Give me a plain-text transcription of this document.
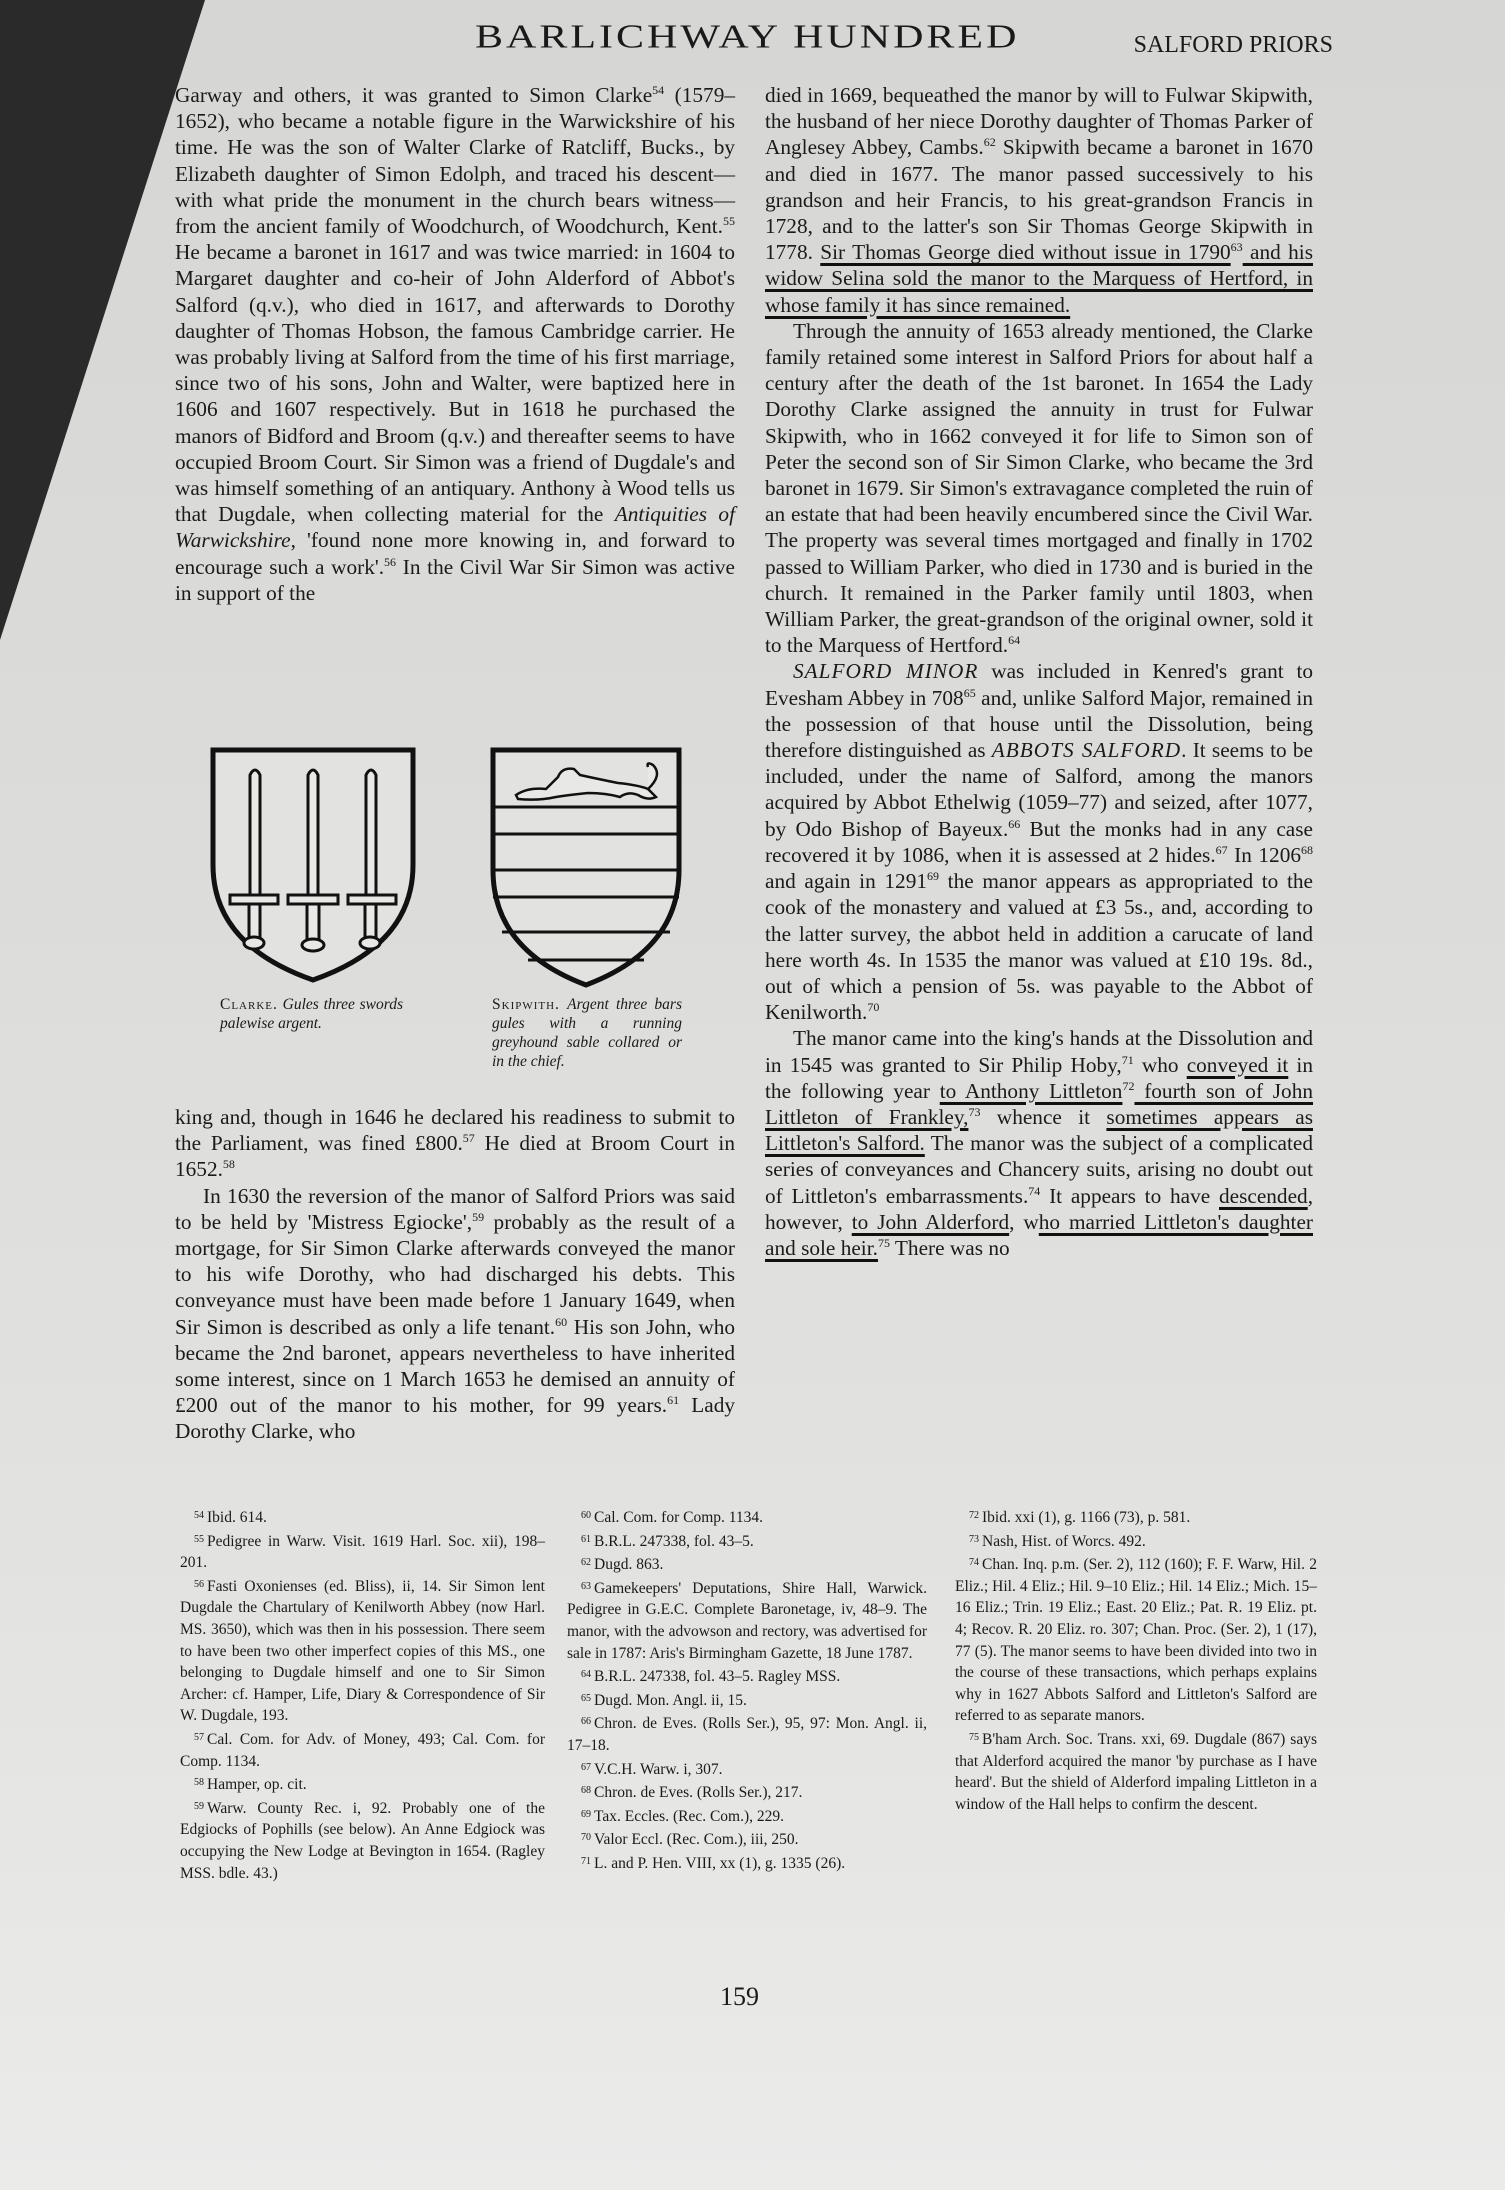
BARLICHWAY HUNDRED	SALFORD PRIORS

Garway and others, it was granted to Simon Clarke$^{54}$ (1579–1652), who became a notable figure in the Warwickshire of his time. He was the son of Walter Clarke of Ratcliff, Bucks., by Elizabeth daughter of Simon Edolph, and traced his descent—with what pride the monument in the church bears witness—from the ancient family of Woodchurch, of Woodchurch, Kent.$^{55}$ He became a baronet in 1617 and was twice married: in 1604 to Margaret daughter and co-heir of John Alderford of Abbot's Salford (q.v.), who died in 1617, and afterwards to Dorothy daughter of Thomas Hobson, the famous Cambridge carrier. He was probably living at Salford from the time of his first marriage, since two of his sons, John and Walter, were baptized here in 1606 and 1607 respectively. But in 1618 he purchased the manors of Bidford and Broom (q.v.) and thereafter seems to have occupied Broom Court. Sir Simon was a friend of Dugdale's and was himself something of an antiquary. Anthony à Wood tells us that Dugdale, when collecting material for the Antiquities of Warwickshire, 'found none more knowing in, and forward to encourage such a work'.$^{56}$ In the Civil War Sir Simon was active in support of the

Clarke. Gules three swords palewise argent.
Skipwith. Argent three bars gules with a running greyhound sable collared or in the chief.

king and, though in 1646 he declared his readiness to submit to the Parliament, was fined £800.57 He died at Broom Court in 1652.58

In 1630 the reversion of the manor of Salford Priors was said to be held by 'Mistress Egiocke',$^{59}$ probably as the result of a mortgage, for Sir Simon Clarke afterwards conveyed the manor to his wife Dorothy, who had discharged his debts. This conveyance must have been made before 1 January 1649, when Sir Simon is described as only a life tenant.$^{60}$ His son John, who became the 2nd baronet, appears nevertheless to have inherited some interest, since on 1 March 1653 he demised an annuity of £200 out of the manor to his mother, for 99 years.$^{61}$ Lady Dorothy Clarke, who

died in 1669, bequeathed the manor by will to Fulwar Skipwith, the husband of her niece Dorothy daughter of Thomas Parker of Anglesey Abbey, Cambs.$^{62}$ Skipwith became a baronet in 1670 and died in 1677. The manor passed successively to his grandson and heir Francis, to his great-grandson Francis in 1728, and to the latter's son Sir Thomas George Skipwith in 1778. Sir Thomas George died without issue in 1790$^{63}$ and his widow Selina sold the manor to the Marquess of Hertford, in whose family it has since remained.

Through the annuity of 1653 already mentioned, the Clarke family retained some interest in Salford Priors for about half a century after the death of the 1st baronet. In 1654 the Lady Dorothy Clarke assigned the annuity in trust for Fulwar Skipwith, who in 1662 conveyed it for life to Simon son of Peter the second son of Sir Simon Clarke, who became the 3rd baronet in 1679. Sir Simon's extravagance completed the ruin of an estate that had been heavily encumbered since the Civil War. The property was several times mortgaged and finally in 1702 passed to William Parker, who died in 1730 and is buried in the church. It remained in the Parker family until 1803, when William Parker, the great-grandson of the original owner, sold it to the Marquess of Hertford.$^{64}$

SALFORD MINOR was included in Kenred's grant to Evesham Abbey in $708^{65}$ and, unlike Salford Major, remained in the possession of that house until the Dissolution, being therefore distinguished as ABBOTS SALFORD. It seems to be included, under the name of Salford, among the manors acquired by Abbot Ethelwig (1059–77) and seized, after 1077, by Odo Bishop of Bayeux.$^{66}$ But the monks had in any case recovered it by 1086, when it is assessed at 2 hides.$^{67}$ In 1206$^{68}$ and again in 1291$^{69}$ the manor appears as appropriated to the cook of the monastery and valued at £3 5s., and, according to the latter survey, the abbot held in addition a carucate of land here worth 4s. In 1535 the manor was valued at £10 19s. 8d., out of which a pension of 5s. was payable to the Abbot of Kenilworth.$^{70}$

The manor came into the king's hands at the Dissolution and in 1545 was granted to Sir Philip Hoby,$^{71}$ who conveyed it in the following year to Anthony Littleton$^{72}$ fourth son of John Littleton of Frankley,$^{73}$ whence it sometimes appears as Littleton's Salford. The manor was the subject of a complicated series of conveyances and Chancery suits, arising no doubt out of Littleton's embarrassments.$^{74}$ It appears to have descended, however, to John Alderford, who married Littleton's daughter and sole heir.$^{75}$ There was no

$^{54}$ Ibid. 614.

$^{55}$ Pedigree in Warw. Visit. 1619 Harl. Soc. xii), 198–201.

$^{56}$ Fasti Oxonienses (ed. Bliss), ii, 14. Sir Simon lent Dugdale the Chartulary of Kenilworth Abbey (now Harl. MS. 3650), which was then in his possession. There seem to have been two other imperfect copies of this MS., one belonging to Dugdale himself and one to Sir Simon Archer: cf. Hamper, Life, Diary & Correspondence of Sir W. Dugdale, 193.

$^{57}$ Cal. Com. for Adv. of Money, 493; Cal. Com. for Comp. 1134.

$^{58}$ Hamper, op. cit.

$^{59}$ Warw. County Rec. i, 92. Probably one of the Edgiocks of Pophills (see below). An Anne Edgiock was occupying the New Lodge at Bevington in 1654. (Ragley MSS. bdle. 43.)

$^{60}$ Cal. Com. for Comp. 1134.

$^{61}$ B.R.L. 247338, fol. 43–5.

$^{62}$ Dugd. 863.

$^{63}$ Gamekeepers' Deputations, Shire Hall, Warwick. Pedigree in G.E.C. Complete Baronetage, iv, 48–9. The manor, with the advowson and rectory, was advertised for sale in 1787: Aris's Birmingham Gazette, 18 June 1787.

$^{64}$ B.R.L. 247338, fol. 43–5. Ragley MSS.

$^{65}$ Dugd. Mon. Angl. ii, 15.

$^{66}$ Chron. de Eves. (Rolls Ser.), 95, 97: Mon. Angl. ii, 17–18.

$^{67}$ V.C.H. Warw. i, 307.

$^{68}$ Chron. de Eves. (Rolls Ser.), 217.

$^{69}$ Tax. Eccles. (Rec. Com.), 229.

$^{70}$ Valor Eccl. (Rec. Com.), iii, 250.

$^{71}$ L. and P. Hen. VIII, xx (1), g. 1335 (26).

$^{72}$ Ibid. xxi (1), g. 1166 (73), p. 581.

$^{73}$ Nash, Hist. of Worcs. 492.

$^{74}$ Chan. Inq. p.m. (Ser. 2), 112 (160); F. F. Warw, Hil. 2 Eliz.; Hil. 4 Eliz.; Hil. 9–10 Eliz.; Hil. 14 Eliz.; Mich. 15–16 Eliz.; Trin. 19 Eliz.; East. 20 Eliz.; Pat. R. 19 Eliz. pt. 4; Recov. R. 20 Eliz. ro. 307; Chan. Proc. (Ser. 2), 1 (17), 77 (5). The manor seems to have been divided into two in the course of these transactions, which perhaps explains why in 1627 Abbots Salford and Littleton's Salford are referred to as separate manors.

$^{75}$ B'ham Arch. Soc. Trans. xxi, 69. Dugdale (867) says that Alderford acquired the manor 'by purchase as I have heard'. But the shield of Alderford impaling Littleton in a window of the Hall helps to confirm the descent.

159
